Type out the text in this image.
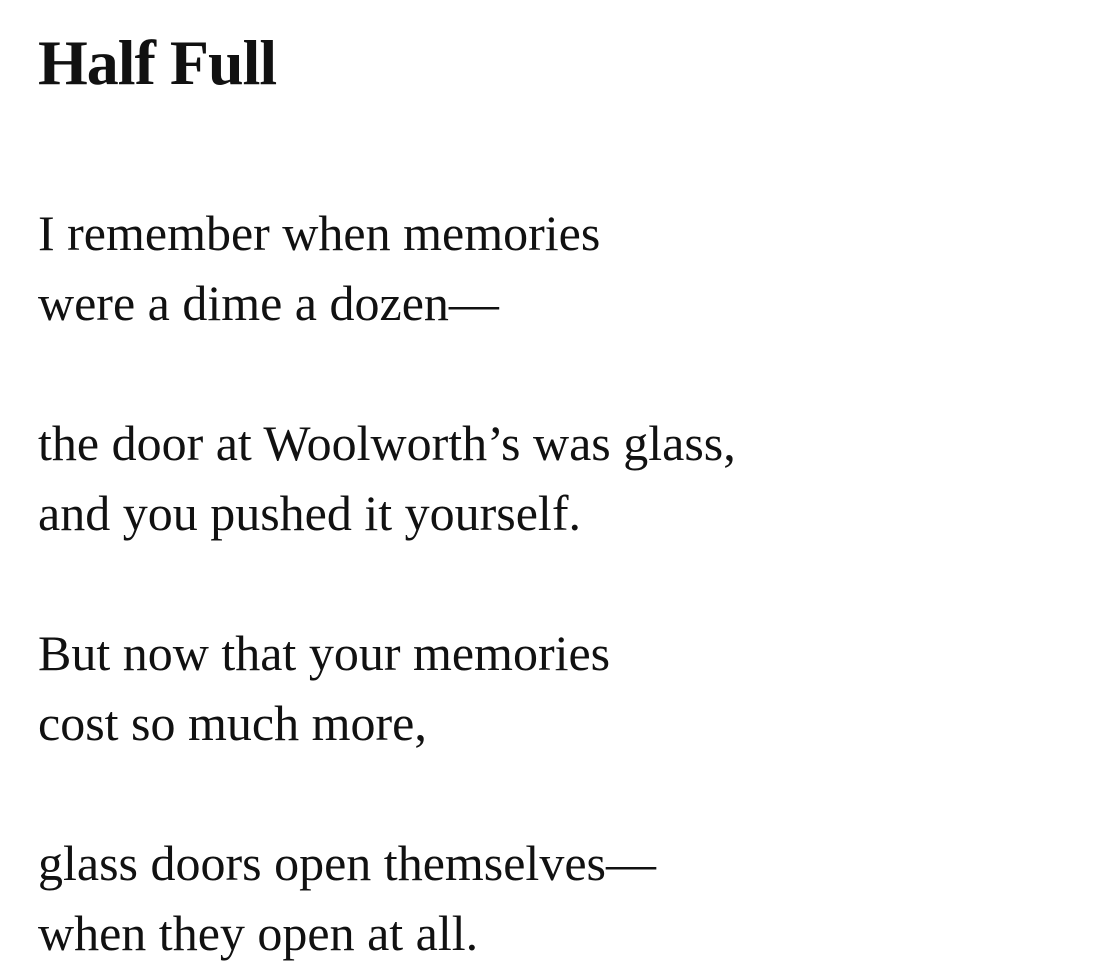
Half Full
I remember when memories
were a dime a dozen—
the door at Woolworth’s was glass,
and you pushed it yourself.
But now that your memories
cost so much more,
glass doors open themselves—
when they open at all.
